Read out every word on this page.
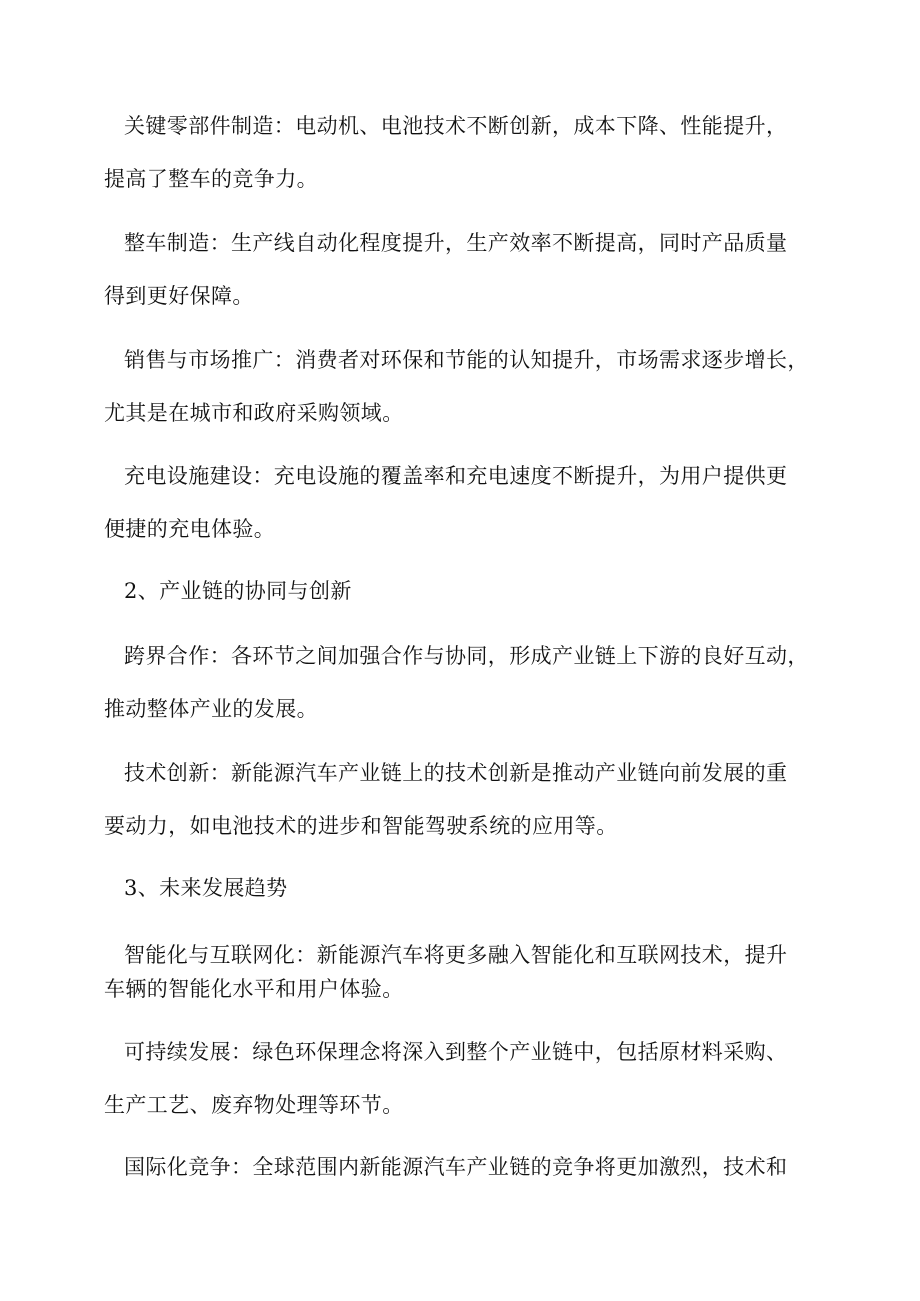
关键零部件制造：电动机、电池技术不断创新，成本下降、性能提升，
提高了整车的竞争力。
整车制造：生产线自动化程度提升，生产效率不断提高，同时产品质量
得到更好保障。
销售与市场推广：消费者对环保和节能的认知提升，市场需求逐步增长，
尤其是在城市和政府采购领域。
充电设施建设：充电设施的覆盖率和充电速度不断提升，为用户提供更
便捷的充电体验。
2、产业链的协同与创新
跨界合作：各环节之间加强合作与协同，形成产业链上下游的良好互动，
推动整体产业的发展。
技术创新：新能源汽车产业链上的技术创新是推动产业链向前发展的重
要动力，如电池技术的进步和智能驾驶系统的应用等。
3、未来发展趋势
智能化与互联网化：新能源汽车将更多融入智能化和互联网技术，提升
车辆的智能化水平和用户体验。
可持续发展：绿色环保理念将深入到整个产业链中，包括原材料采购、
生产工艺、废弃物处理等环节。
国际化竞争：全球范围内新能源汽车产业链的竞争将更加激烈，技术和
